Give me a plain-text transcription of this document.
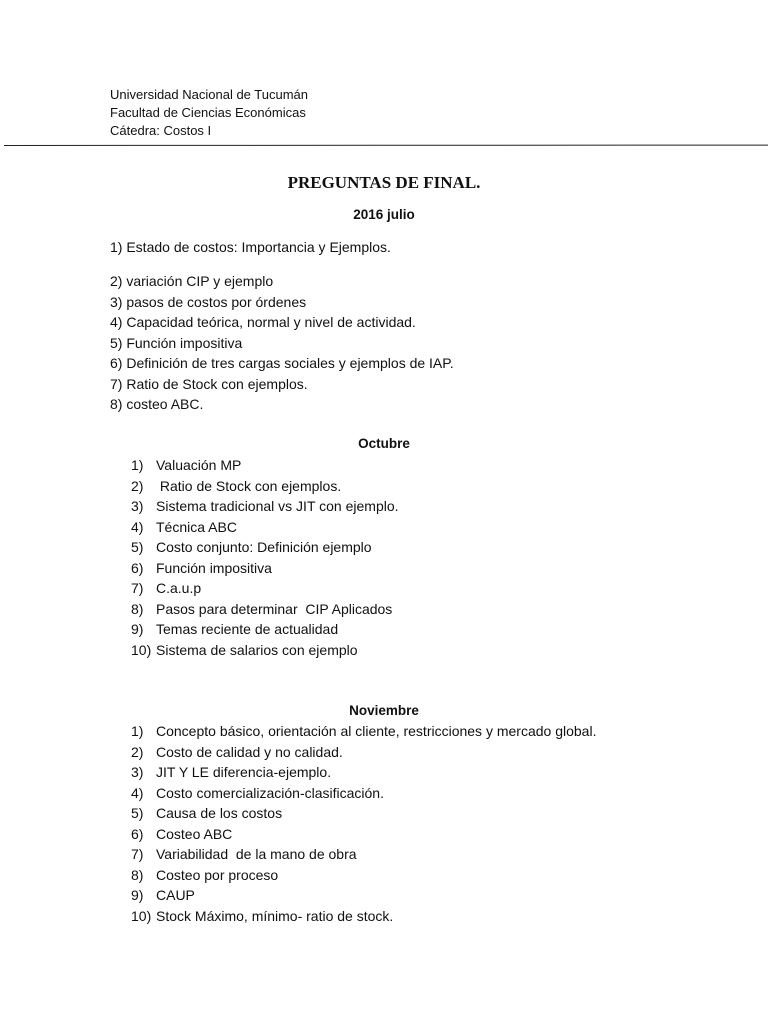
Universidad Nacional de Tucumán
Facultad de Ciencias Económicas
Cátedra: Costos I
PREGUNTAS DE FINAL.
2016 julio
1) Estado de costos: Importancia y Ejemplos.
2) variación CIP y ejemplo
3) pasos de costos por órdenes
4) Capacidad teórica, normal y nivel de actividad.
5) Función impositiva
6) Definición de tres cargas sociales y ejemplos de IAP.
7) Ratio de Stock con ejemplos.
8) costeo ABC.
Octubre
1) Valuación MP
2) Ratio de Stock con ejemplos.
3) Sistema tradicional vs JIT con ejemplo.
4) Técnica ABC
5) Costo conjunto: Definición ejemplo
6) Función impositiva
7) C.a.u.p
8) Pasos para determinar  CIP Aplicados
9) Temas reciente de actualidad
10) Sistema de salarios con ejemplo
Noviembre
1) Concepto básico, orientación al cliente, restricciones y mercado global.
2) Costo de calidad y no calidad.
3) JIT Y LE diferencia-ejemplo.
4) Costo comercialización-clasificación.
5) Causa de los costos
6) Costeo ABC
7) Variabilidad  de la mano de obra
8) Costeo por proceso
9) CAUP
10) Stock Máximo, mínimo- ratio de stock.
